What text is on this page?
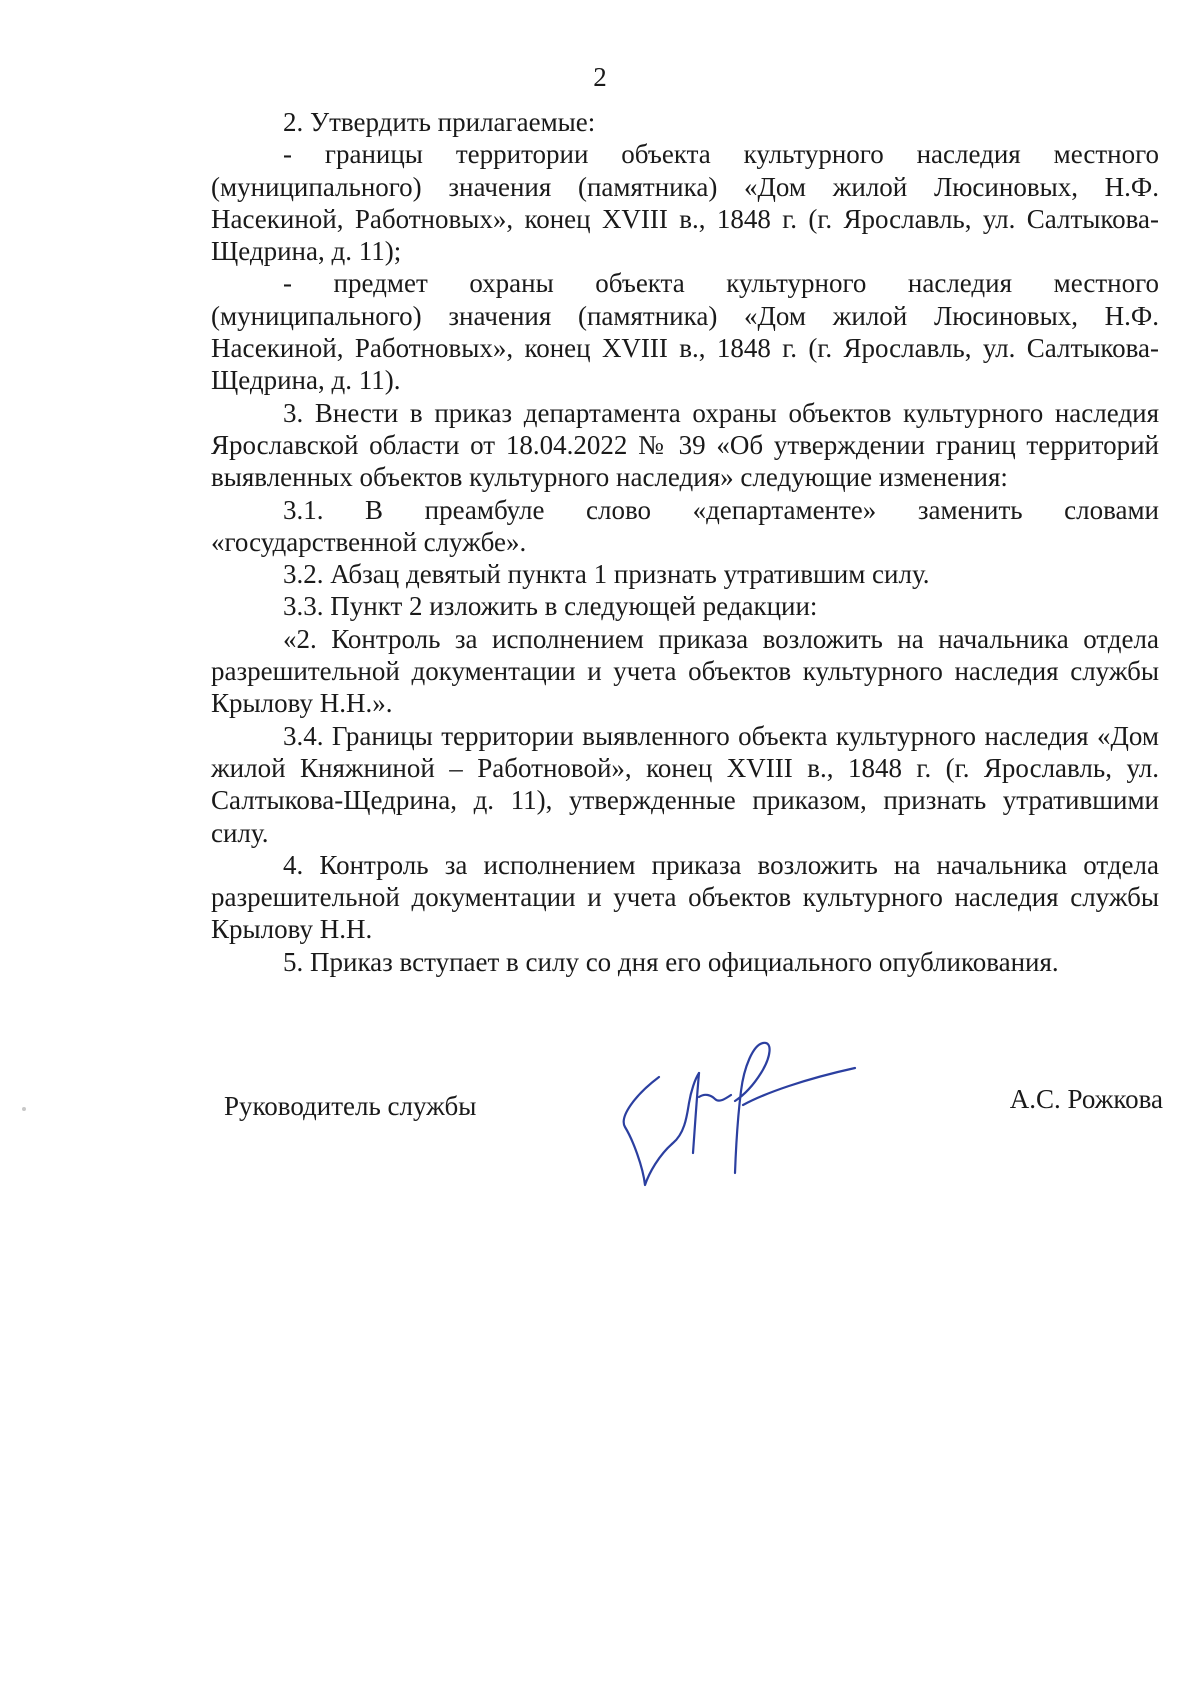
2

2. Утвердить прилагаемые:

- границы территории объекта культурного наследия местного (муниципального) значения (памятника) «Дом жилой Люсиновых, Н.Ф. Насекиной, Работновых», конец XVIII в., 1848 г. (г. Ярославль, ул. Салтыкова-Щедрина, д. 11);

- предмет охраны объекта культурного наследия местного (муниципального) значения (памятника) «Дом жилой Люсиновых, Н.Ф. Насекиной, Работновых», конец XVIII в., 1848 г. (г. Ярославль, ул. Салтыкова-Щедрина, д. 11).

3. Внести в приказ департамента охраны объектов культурного наследия Ярославской области от 18.04.2022 № 39 «Об утверждении границ территорий выявленных объектов культурного наследия» следующие изменения:

3.1. В преамбуле слово «департаменте» заменить словами «государственной службе».

3.2. Абзац девятый пункта 1 признать утратившим силу.

3.3. Пункт 2 изложить в следующей редакции:

«2. Контроль за исполнением приказа возложить на начальника отдела разрешительной документации и учета объектов культурного наследия службы Крылову Н.Н.».

3.4. Границы территории выявленного объекта культурного наследия «Дом жилой Княжниной – Работновой», конец XVIII в., 1848 г. (г. Ярославль, ул. Салтыкова-Щедрина, д. 11), утвержденные приказом, признать утратившими силу.

4. Контроль за исполнением приказа возложить на начальника отдела разрешительной документации и учета объектов культурного наследия службы Крылову Н.Н.

5. Приказ вступает в силу со дня его официального опубликования.

Руководитель службы	А.С. Рожкова
